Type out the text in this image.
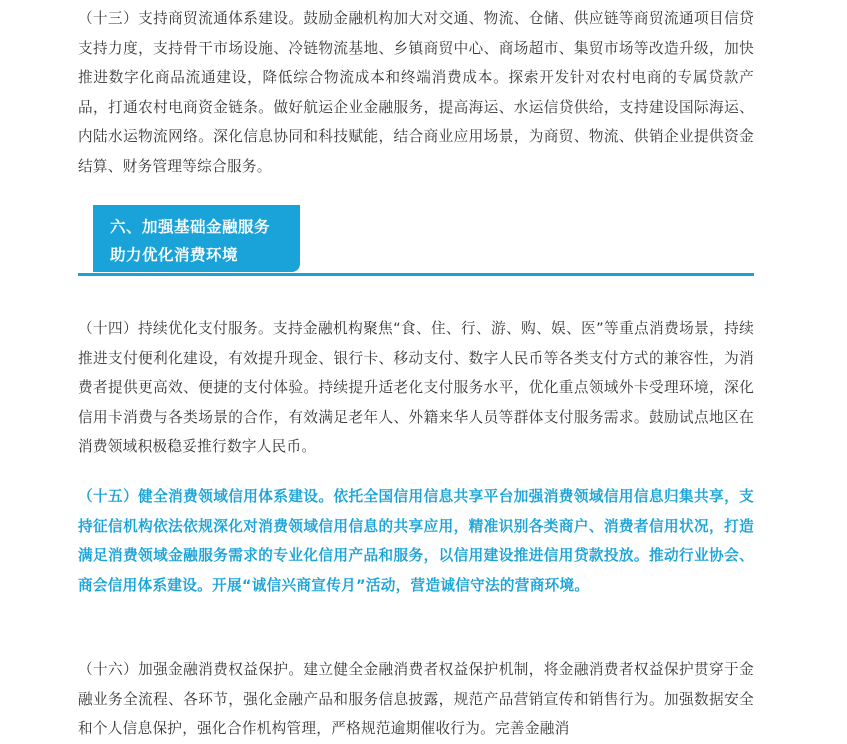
（十三）支持商贸流通体系建设。鼓励金融机构加大对交通、物流、仓储、供应链等商贸流通项目信贷支持力度，支持骨干市场设施、冷链物流基地、乡镇商贸中心、商场超市、集贸市场等改造升级，加快推进数字化商品流通建设，降低综合物流成本和终端消费成本。探索开发针对农村电商的专属贷款产品，打通农村电商资金链条。做好航运企业金融服务，提高海运、水运信贷供给，支持建设国际海运、内陆水运物流网络。深化信息协同和科技赋能，结合商业应用场景，为商贸、物流、供销企业提供资金结算、财务管理等综合服务。

六、加强基础金融服务
助力优化消费环境

（十四）持续优化支付服务。支持金融机构聚焦“食、住、行、游、购、娱、医”等重点消费场景，持续推进支付便利化建设，有效提升现金、银行卡、移动支付、数字人民币等各类支付方式的兼容性，为消费者提供更高效、便捷的支付体验。持续提升适老化支付服务水平，优化重点领域外卡受理环境，深化信用卡消费与各类场景的合作，有效满足老年人、外籍来华人员等群体支付服务需求。鼓励试点地区在消费领域积极稳妥推行数字人民币。

（十五）健全消费领域信用体系建设。依托全国信用信息共享平台加强消费领域信用信息归集共享，支持征信机构依法依规深化对消费领域信用信息的共享应用，精准识别各类商户、消费者信用状况，打造满足消费领域金融服务需求的专业化信用产品和服务，以信用建设推进信用贷款投放。推动行业协会、商会信用体系建设。开展“诚信兴商宣传月”活动，营造诚信守法的营商环境。

（十六）加强金融消费权益保护。建立健全金融消费者权益保护机制，将金融消费者权益保护贯穿于金融业务全流程、各环节，强化金融产品和服务信息披露，规范产品营销宣传和销售行为。加强数据安全和个人信息保护，强化合作机构管理，严格规范逾期催收行为。完善金融消
